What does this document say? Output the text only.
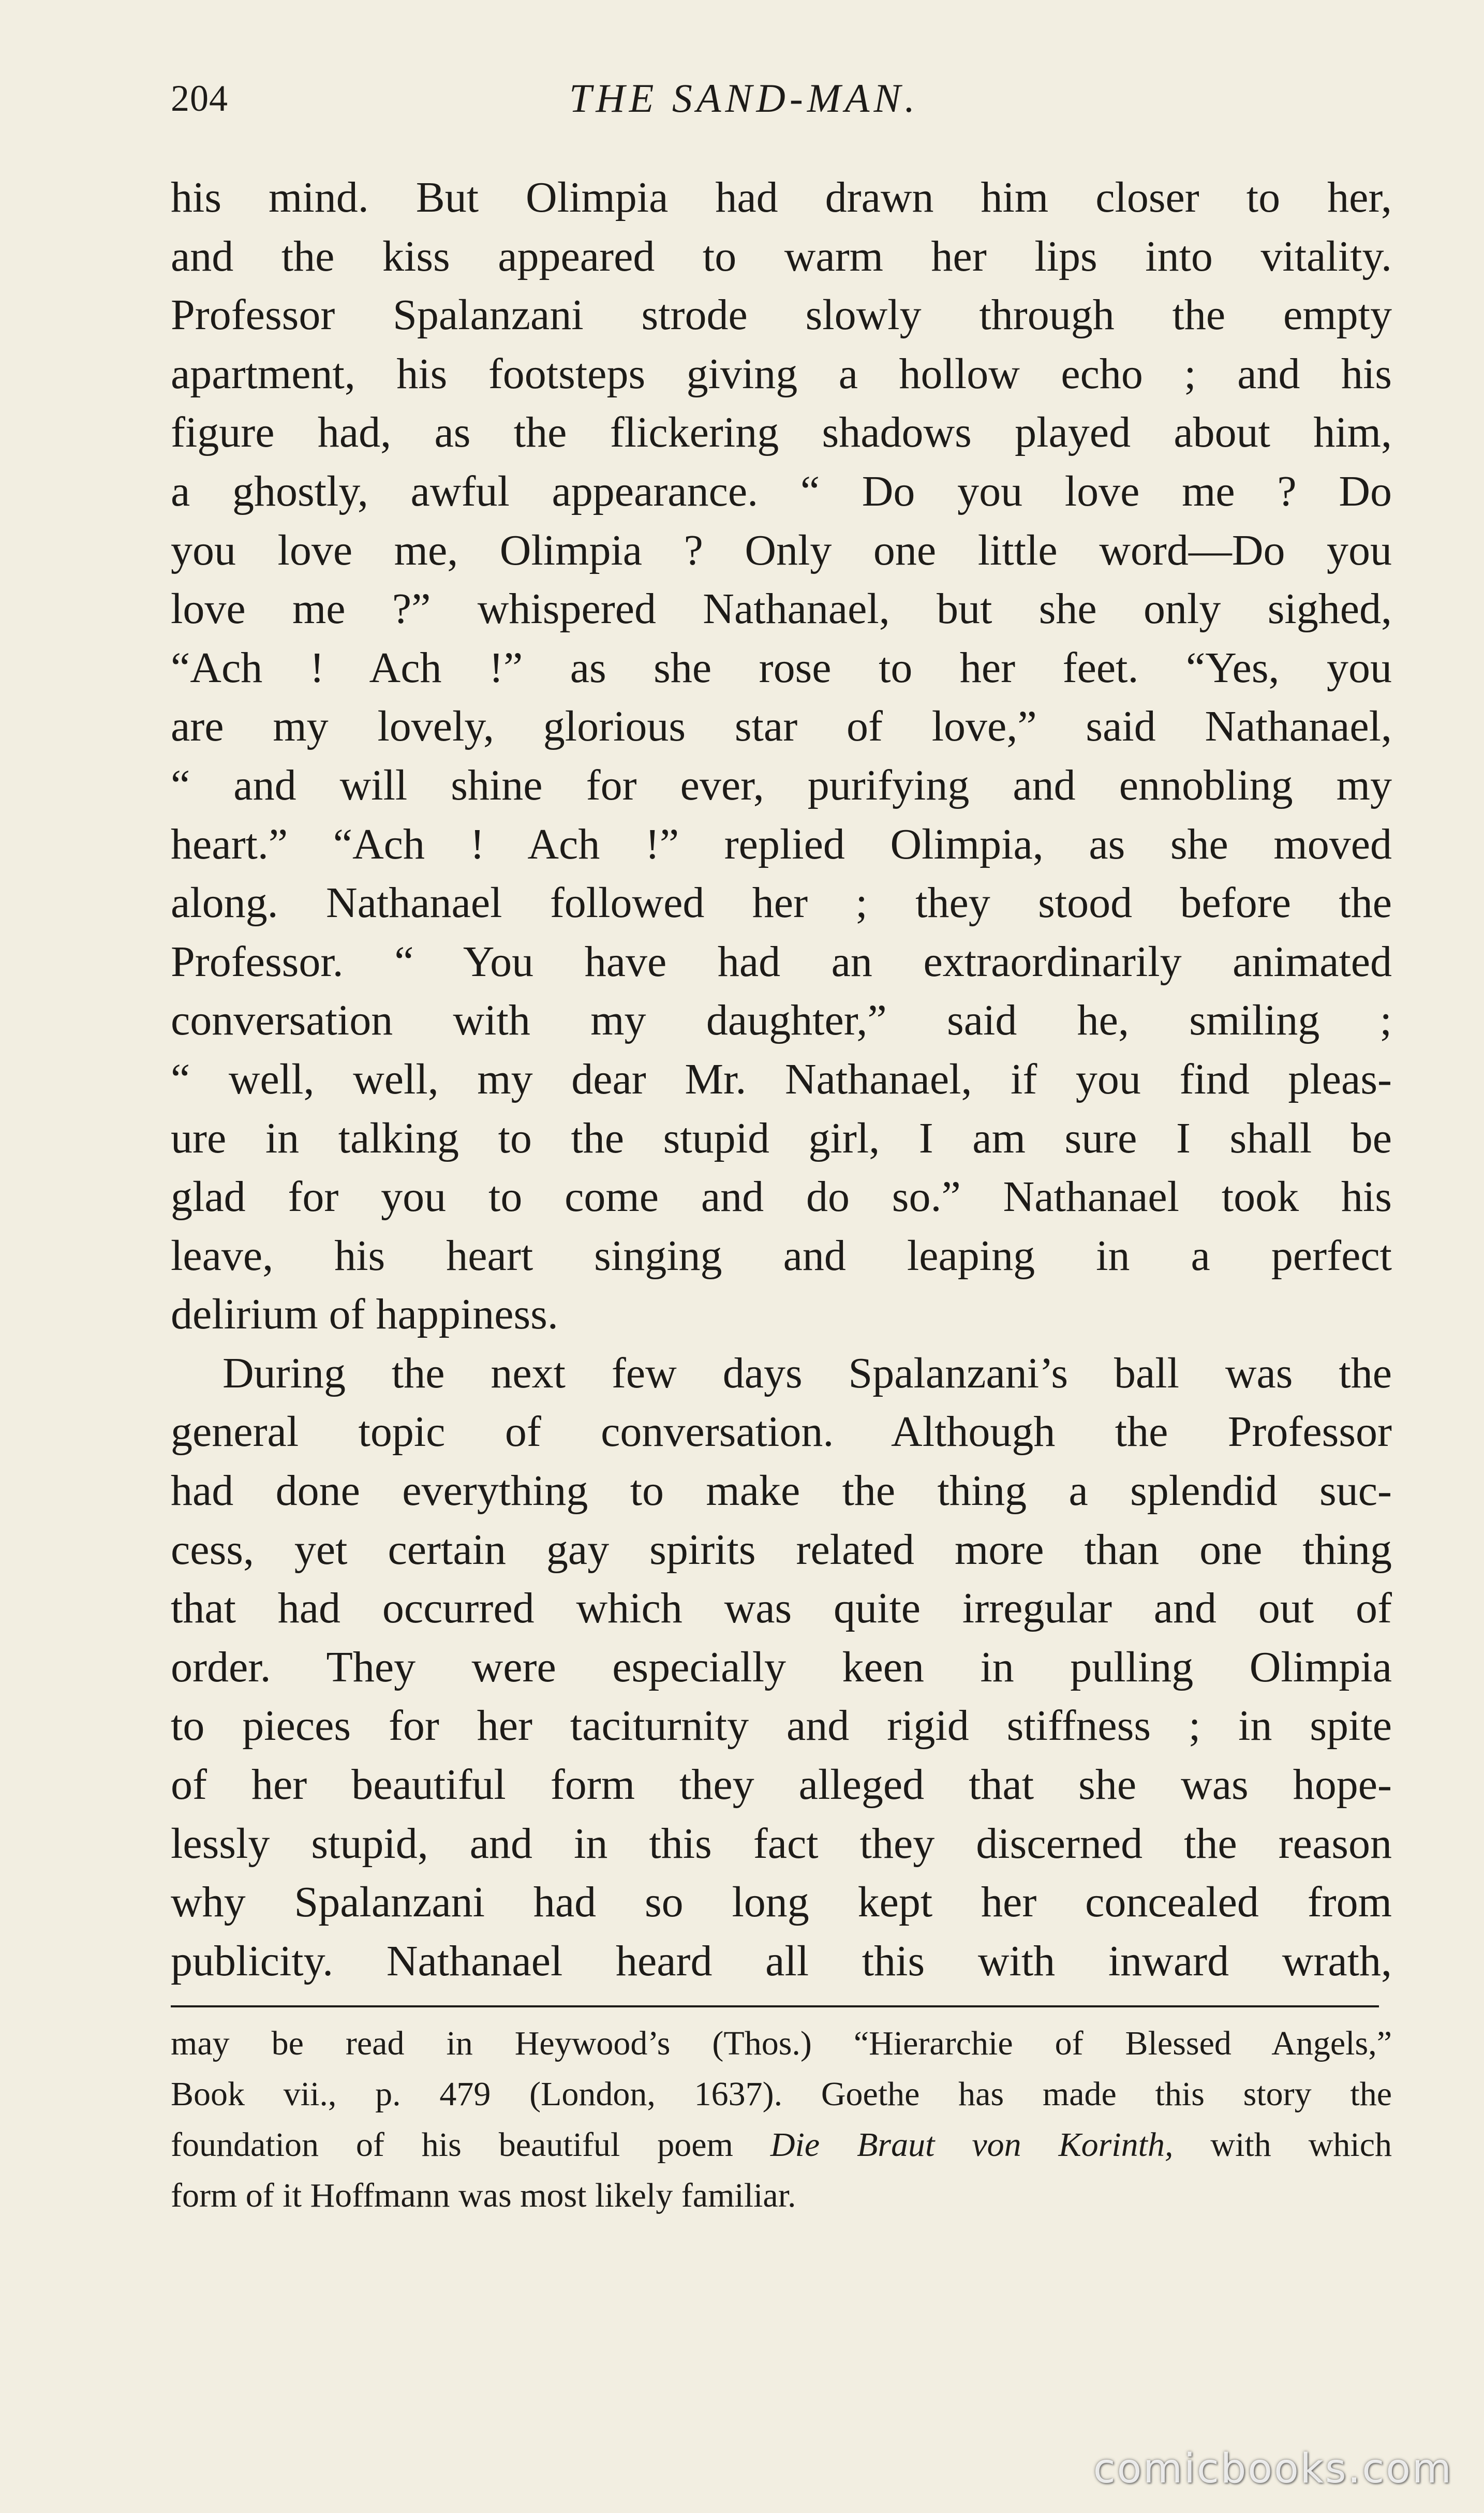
204	THE SAND-MAN.
his mind. But Olimpia had drawn him closer to her,
and the kiss appeared to warm her lips into vitality.
Professor Spalanzani strode slowly through the empty
apartment, his footsteps giving a hollow echo ; and his
figure had, as the flickering shadows played about him,
a ghostly, awful appearance. “ Do you love me ? Do
you love me, Olimpia ? Only one little word—Do you
love me ?” whispered Nathanael, but she only sighed,
“Ach ! Ach !” as she rose to her feet. “Yes, you
are my lovely, glorious star of love,” said Nathanael,
“ and will shine for ever, purifying and ennobling my
heart.” “Ach ! Ach !” replied Olimpia, as she moved
along. Nathanael followed her ; they stood before the
Professor. “ You have had an extraordinarily animated
conversation with my daughter,” said he, smiling ;
“ well, well, my dear Mr. Nathanael, if you find pleas-
ure in talking to the stupid girl, I am sure I shall be
glad for you to come and do so.” Nathanael took his
leave, his heart singing and leaping in a perfect
delirium of happiness.
During the next few days Spalanzani’s ball was the
general topic of conversation. Although the Professor
had done everything to make the thing a splendid suc-
cess, yet certain gay spirits related more than one thing
that had occurred which was quite irregular and out of
order. They were especially keen in pulling Olimpia
to pieces for her taciturnity and rigid stiffness ; in spite
of her beautiful form they alleged that she was hope-
lessly stupid, and in this fact they discerned the reason
why Spalanzani had so long kept her concealed from
publicity. Nathanael heard all this with inward wrath,
may be read in Heywood’s (Thos.) “Hierarchie of Blessed Angels,”
Book vii., p. 479 (London, 1637). Goethe has made this story the
foundation of his beautiful poem Die Braut von Korinth, with which
form of it Hoffmann was most likely familiar.
comicbooks.com
